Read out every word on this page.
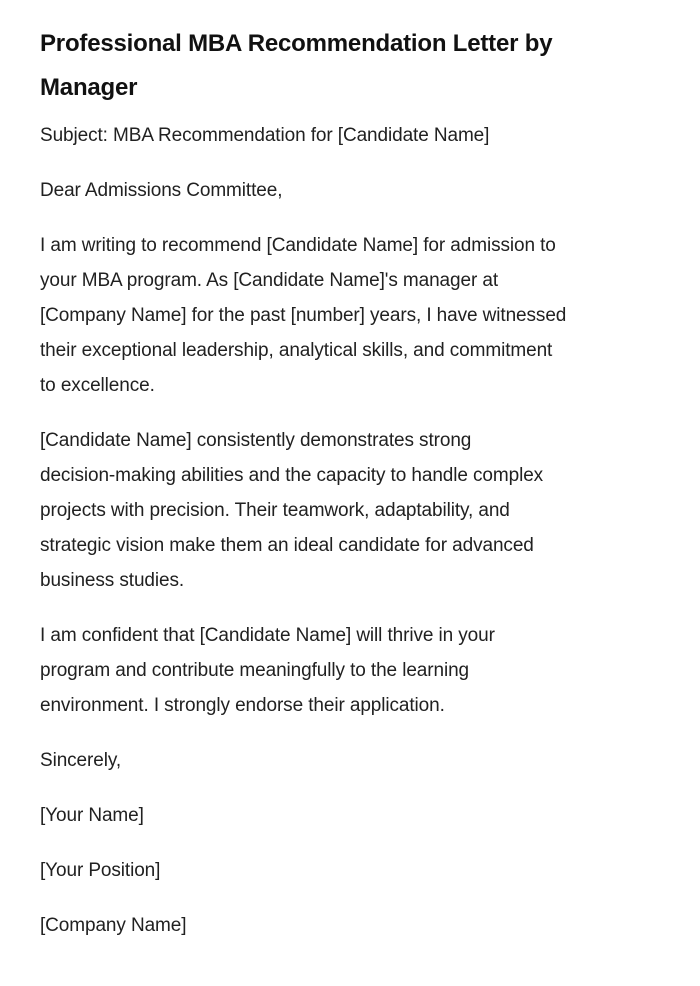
Professional MBA Recommendation Letter by Manager
Subject: MBA Recommendation for [Candidate Name]
Dear Admissions Committee,
I am writing to recommend [Candidate Name] for admission to
your MBA program. As [Candidate Name]'s manager at
[Company Name] for the past [number] years, I have witnessed
their exceptional leadership, analytical skills, and commitment
to excellence.
[Candidate Name] consistently demonstrates strong
decision-making abilities and the capacity to handle complex
projects with precision. Their teamwork, adaptability, and
strategic vision make them an ideal candidate for advanced
business studies.
I am confident that [Candidate Name] will thrive in your
program and contribute meaningfully to the learning
environment. I strongly endorse their application.
Sincerely,
[Your Name]
[Your Position]
[Company Name]
